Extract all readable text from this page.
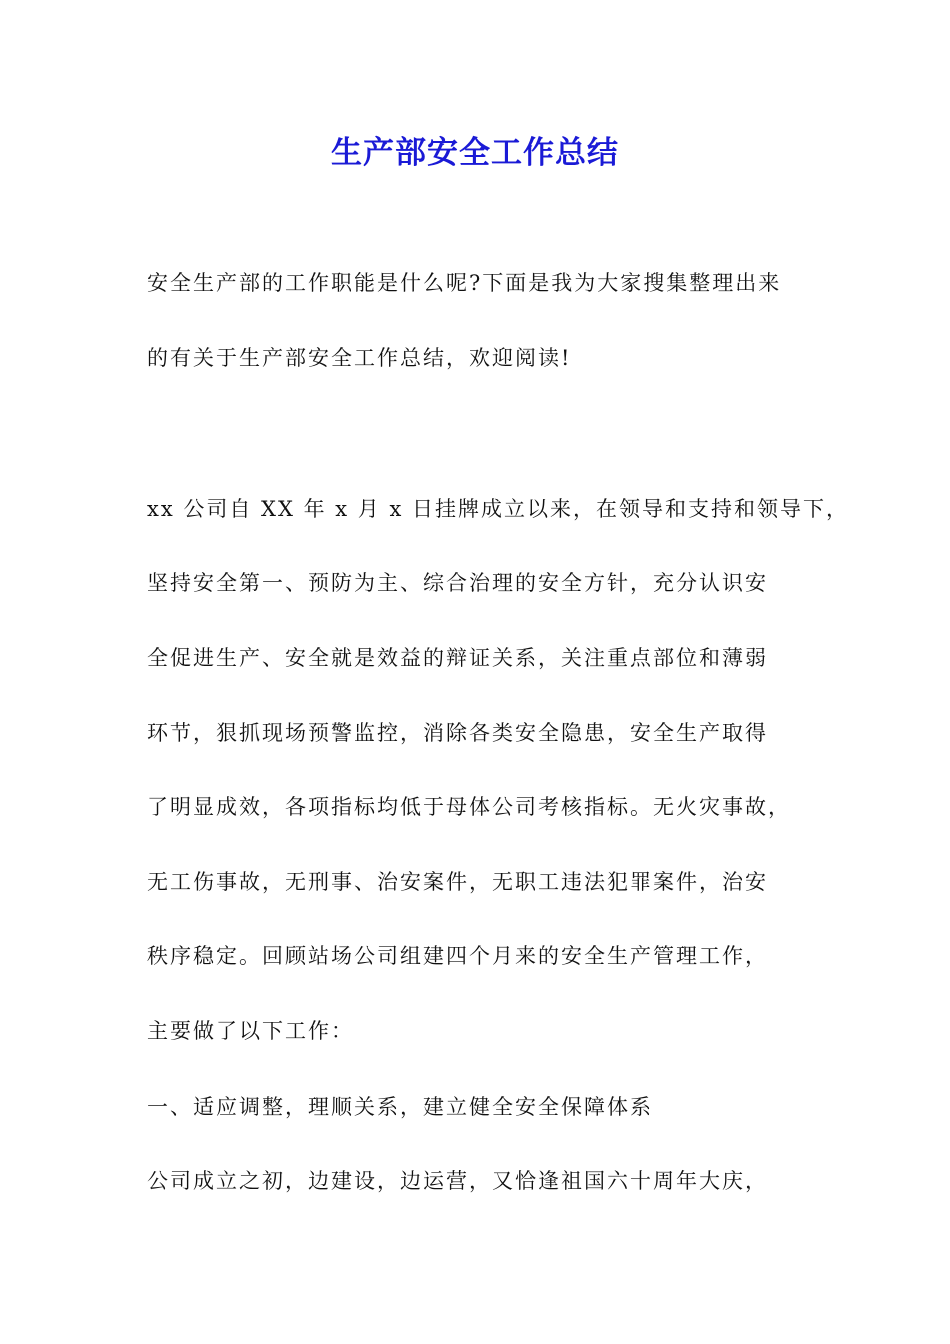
生产部安全工作总结
安全生产部的工作职能是什么呢?下面是我为大家搜集整理出来
的有关于生产部安全工作总结，欢迎阅读!
xx 公司自 XX 年 x 月 x 日挂牌成立以来，在领导和支持和领导下，
坚持安全第一、预防为主、综合治理的安全方针，充分认识安
全促进生产、安全就是效益的辩证关系，关注重点部位和薄弱
环节，狠抓现场预警监控，消除各类安全隐患，安全生产取得
了明显成效，各项指标均低于母体公司考核指标。无火灾事故，
无工伤事故，无刑事、治安案件，无职工违法犯罪案件，治安
秩序稳定。回顾站场公司组建四个月来的安全生产管理工作，
主要做了以下工作：
一、适应调整，理顺关系，建立健全安全保障体系
公司成立之初，边建设，边运营，又恰逢祖国六十周年大庆，
